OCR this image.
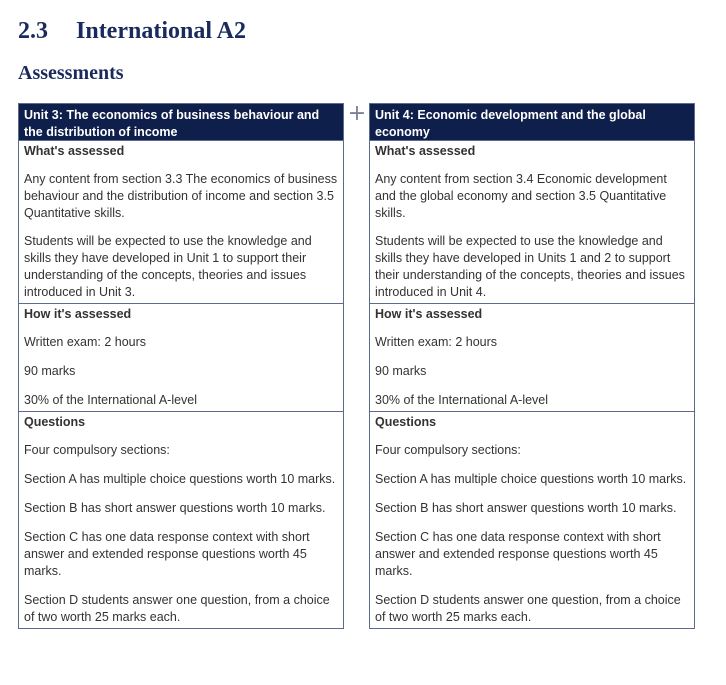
2.3 International A2
Assessments
+
Unit 3: The economics of business behaviour and the distribution of income
What's assessed

Any content from section 3.3 The economics of business behaviour and the distribution of income and section 3.5 Quantitative skills.

Students will be expected to use the knowledge and skills they have developed in Unit 1 to support their understanding of the concepts, theories and issues introduced in Unit 3.

How it's assessed

Written exam: 2 hours

90 marks

30% of the International A-level

Questions

Four compulsory sections:

Section A has multiple choice questions worth 10 marks.

Section B has short answer questions worth 10 marks.

Section C has one data response context with short answer and extended response questions worth 45 marks.

Section D students answer one question, from a choice of two worth 25 marks each.

Unit 4: Economic development and the global economy
What's assessed

Any content from section 3.4 Economic development and the global economy and section 3.5 Quantitative skills.

Students will be expected to use the knowledge and skills they have developed in Units 1 and 2 to support their understanding of the concepts, theories and issues introduced in Unit 4.

How it's assessed

Written exam: 2 hours

90 marks

30% of the International A-level

Questions

Four compulsory sections:

Section A has multiple choice questions worth 10 marks.

Section B has short answer questions worth 10 marks.

Section C has one data response context with short answer and extended response questions worth 45 marks.

Section D students answer one question, from a choice of two worth 25 marks each.
